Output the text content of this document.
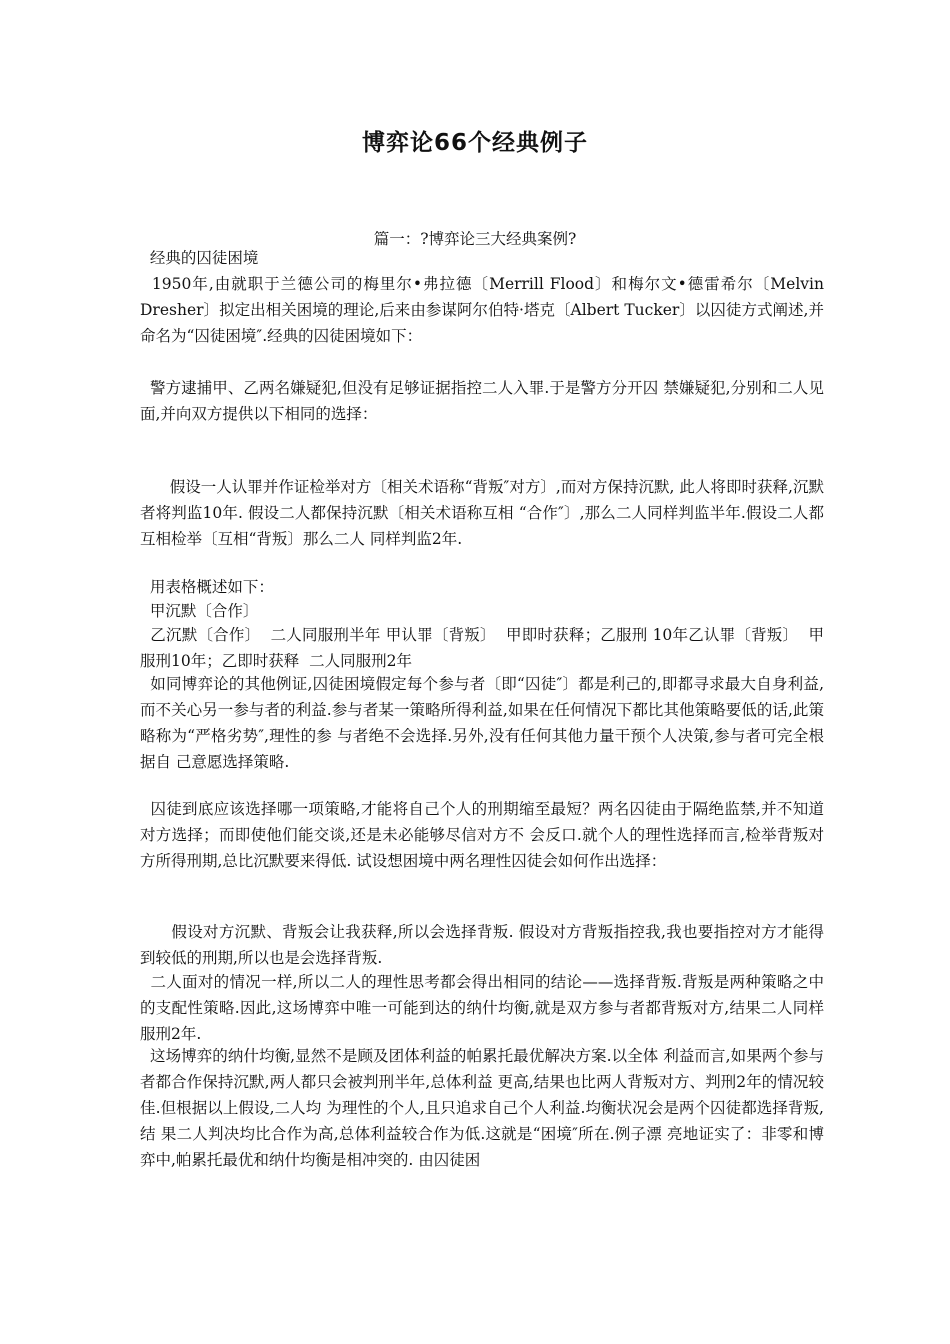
博弈论66个经典例子
篇一：?博弈论三大经典案例?
经典的囚徒困境
1950年,由就职于兰德公司的梅里尔•弗拉德〔Merrill Flood〕和梅尔文•德雷希尔〔Melvin Dresher〕拟定出相关困境的理论,后来由参谋阿尔伯特·塔克〔Albert Tucker〕以囚徒方式阐述,并命名为“囚徒困境″.经典的囚徒困境如下：
警方逮捕甲、乙两名嫌疑犯,但没有足够证据指控二人入罪.于是警方分开囚 禁嫌疑犯,分别和二人见面,并向双方提供以下相同的选择：
假设一人认罪并作证检举对方〔相关术语称“背叛″对方〕,而对方保持沉默, 此人将即时获释,沉默者将判监10年. 假设二人都保持沉默〔相关术语称互相 “合作″〕,那么二人同样判监半年.假设二人都互相检举〔互相“背叛〕那么二人 同样判监2年.
用表格概述如下：
甲沉默〔合作〕
乙沉默〔合作〕  二人同服刑半年 甲认罪〔背叛〕  甲即时获释；乙服刑 10年乙认罪〔背叛〕  甲服刑10年；乙即时获释  二人同服刑2年
如同博弈论的其他例证,囚徒困境假定每个参与者〔即“囚徒″〕都是利己的,即都寻求最大自身利益,而不关心另一参与者的利益.参与者某一策略所得利益,如果在任何情况下都比其他策略要低的话,此策略称为“严格劣势″,理性的参 与者绝不会选择.另外,没有任何其他力量干预个人决策,参与者可完全根据自 己意愿选择策略.
囚徒到底应该选择哪一项策略,才能将自己个人的刑期缩至最短？两名囚徒由于隔绝监禁,并不知道对方选择；而即使他们能交谈,还是未必能够尽信对方不 会反口.就个人的理性选择而言,检举背叛对方所得刑期,总比沉默要来得低. 试设想困境中两名理性囚徒会如何作出选择：
假设对方沉默、背叛会让我获释,所以会选择背叛. 假设对方背叛指控我,我也要指控对方才能得到较低的刑期,所以也是会选择背叛.
二人面对的情况一样,所以二人的理性思考都会得出相同的结论——选择背叛.背叛是两种策略之中的支配性策略.因此,这场博弈中唯一可能到达的纳什均衡,就是双方参与者都背叛对方,结果二人同样服刑2年.
这场博弈的纳什均衡,显然不是顾及团体利益的帕累托最优解决方案.以全体 利益而言,如果两个参与者都合作保持沉默,两人都只会被判刑半年,总体利益 更高,结果也比两人背叛对方、判刑2年的情况较佳.但根据以上假设,二人均 为理性的个人,且只追求自己个人利益.均衡状况会是两个囚徒都选择背叛,结 果二人判决均比合作为高,总体利益较合作为低.这就是“困境″所在.例子漂 亮地证实了：非零和博弈中,帕累托最优和纳什均衡是相冲突的. 由囚徒困
